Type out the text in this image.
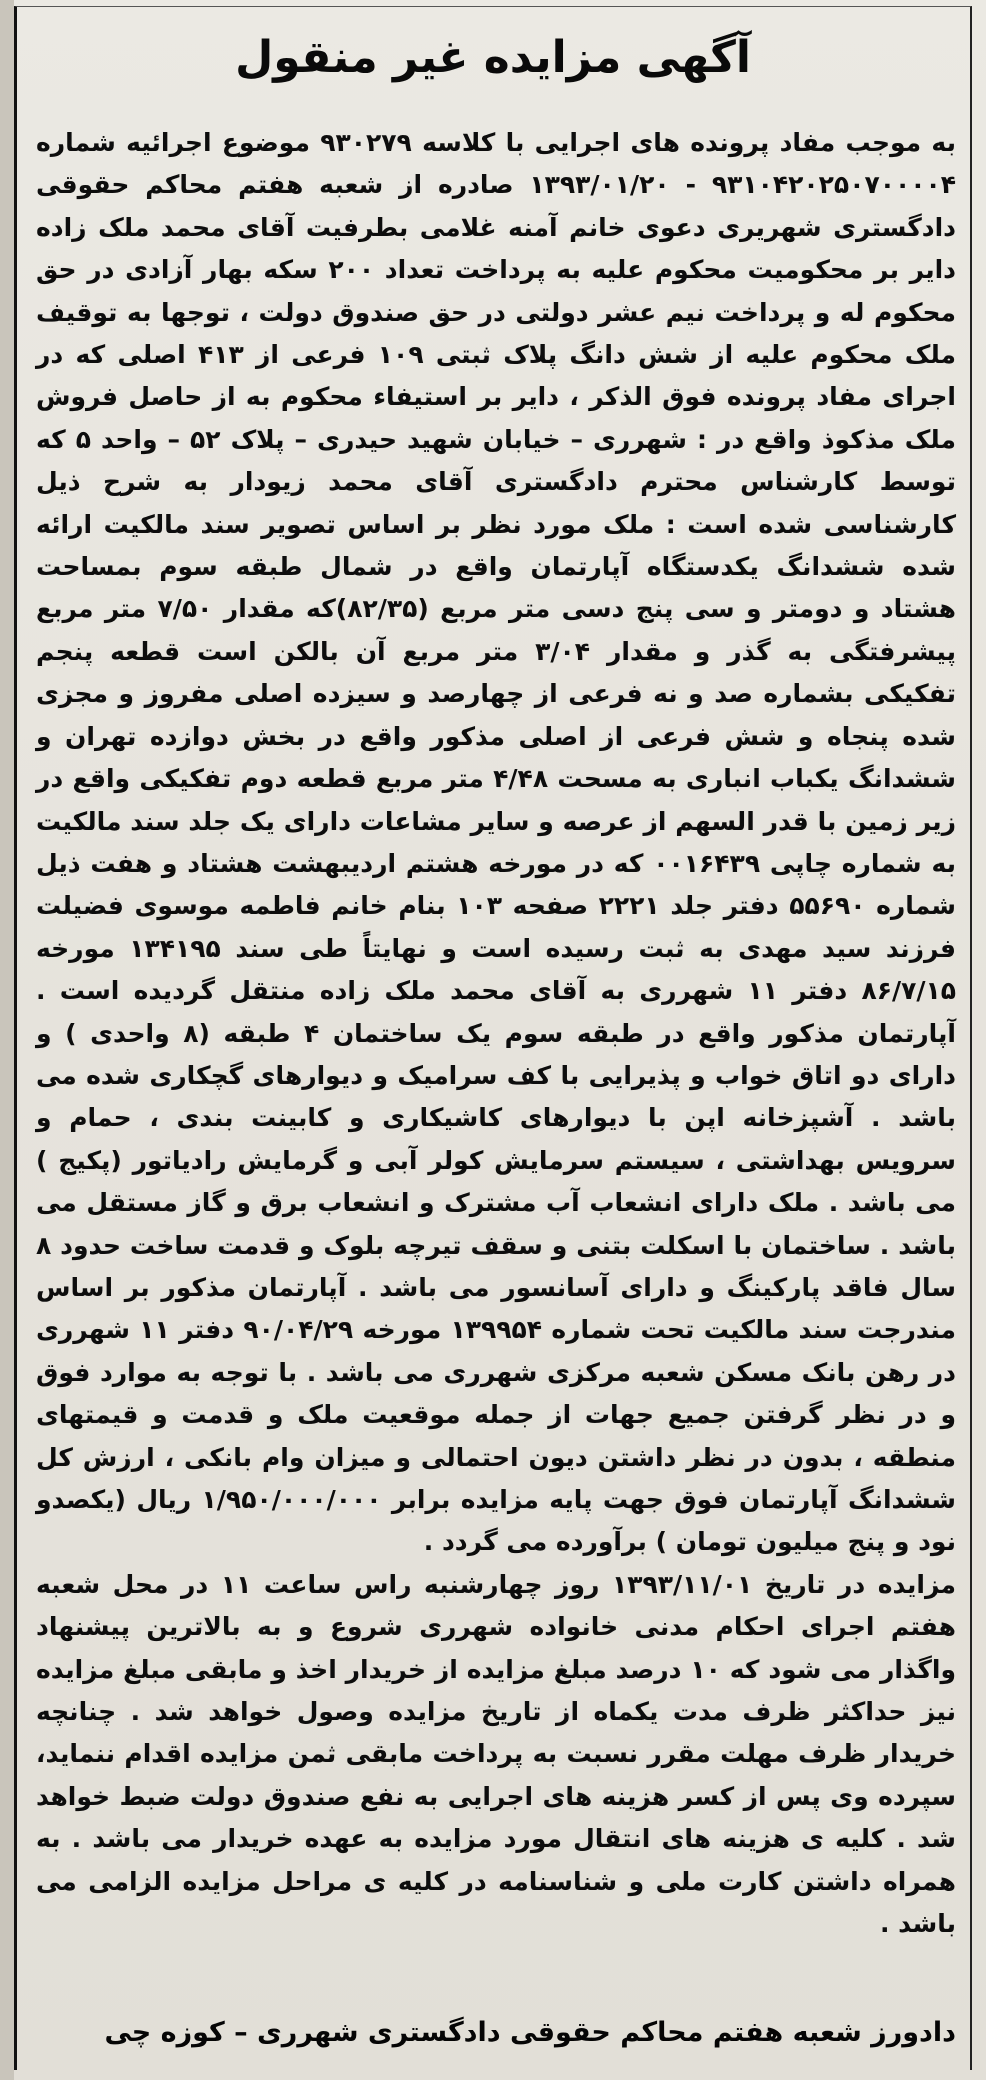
آگهی مزایده غیر منقول

به موجب مفاد پرونده های اجرایی با کلاسه ۹۳۰۲۷۹ موضوع اجرائیه شماره ۹۳۱۰۴۲۰۲۵۰۷۰۰۰۰۴ - ۱۳۹۳/۰۱/۲۰ صادره از شعبه هفتم محاکم حقوقی دادگستری شهریری دعوی خانم آمنه غلامی بطرفیت آقای محمد ملک زاده دایر بر محکومیت محکوم علیه به پرداخت تعداد ۲۰۰ سکه بهار آزادی در حق محکوم له و پرداخت نیم عشر دولتی در حق صندوق دولت ، توجها به توقیف ملک محکوم علیه از شش دانگ پلاک ثبتی ۱۰۹ فرعی از ۴۱۳ اصلی که در اجرای مفاد پرونده فوق الذکر ، دایر بر استیفاء محکوم به از حاصل فروش ملک مذکوذ واقع در : شهرری – خیابان شهید حیدری – پلاک ۵۲ – واحد ۵ که توسط کارشناس محترم دادگستری آقای محمد زیودار به شرح ذیل کارشناسی شده است : ملک مورد نظر بر اساس تصویر سند مالکیت ارائه شده ششدانگ یکدستگاه آپارتمان واقع در شمال طبقه سوم بمساحت هشتاد و دومتر و سی پنج دسی متر مربع (۸۲/۳۵)که مقدار ۷/۵۰ متر مربع پیشرفتگی به گذر و مقدار ۳/۰۴ متر مربع آن بالکن است قطعه پنجم تفکیکی بشماره صد و نه فرعی از چهارصد و سیزده اصلی مفروز و مجزی شده پنجاه و شش فرعی از اصلی مذکور واقع در بخش دوازده تهران و ششدانگ یکباب انباری به مسحت ۴/۴۸ متر مربع قطعه دوم تفکیکی واقع در زیر زمین با قدر السهم از عرصه و سایر مشاعات دارای یک جلد سند مالکیت به شماره چاپی ۰۰۱۶۴۳۹ که در مورخه هشتم اردیبهشت هشتاد و هفت ذیل شماره ۵۵۶۹۰ دفتر جلد ۲۲۲۱ صفحه ۱۰۳ بنام خانم فاطمه موسوی فضیلت فرزند سید مهدی به ثبت رسیده است و نهایتاً طی سند ۱۳۴۱۹۵ مورخه ۸۶/۷/۱۵ دفتر ۱۱ شهرری به آقای محمد ملک زاده منتقل گردیده است . آپارتمان مذکور واقع در طبقه سوم یک ساختمان ۴ طبقه (۸ واحدی ) و دارای دو اتاق خواب و پذیرایی با کف سرامیک و دیوارهای گچکاری شده می باشد . آشپزخانه اپن با دیوارهای کاشیکاری و کابینت بندی ، حمام و سرویس بهداشتی ، سیستم سرمایش کولر آبی و گرمایش رادیاتور (پکیج ) می باشد . ملک دارای انشعاب آب مشترک و انشعاب برق و گاز مستقل می باشد . ساختمان با اسکلت بتنی و سقف تیرچه بلوک و قدمت ساخت حدود ۸ سال فاقد پارکینگ و دارای آسانسور می باشد . آپارتمان مذکور بر اساس مندرجت سند مالکیت تحت شماره ۱۳۹۹۵۴ مورخه ۹۰/۰۴/۲۹ دفتر ۱۱ شهرری در رهن بانک مسکن شعبه مرکزی شهرری می باشد . با توجه به موارد فوق و در نظر گرفتن جمیع جهات از جمله موقعیت ملک و قدمت و قیمتهای منطقه ، بدون در نظر داشتن دیون احتمالی و میزان وام بانکی ، ارزش کل ششدانگ آپارتمان فوق جهت پایه مزایده برابر ۱/۹۵۰/۰۰۰/۰۰۰ ریال (یکصدو نود و پنج میلیون تومان ) برآورده می گردد .

مزایده در تاریخ ۱۳۹۳/۱۱/۰۱ روز چهارشنبه راس ساعت ۱۱ در محل شعبه هفتم اجرای احکام مدنی خانواده شهرری شروع و به بالاترین پیشنهاد واگذار می شود که ۱۰ درصد مبلغ مزایده از خریدار اخذ و مابقی مبلغ مزایده نیز حداکثر ظرف مدت یکماه از تاریخ مزایده وصول خواهد شد . چنانچه خریدار ظرف مهلت مقرر نسبت به پرداخت مابقی ثمن مزایده اقدام ننماید، سپرده وی پس از کسر هزینه های اجرایی به نفع صندوق دولت ضبط خواهد شد . کلیه ی هزینه های انتقال مورد مزایده به عهده خریدار می باشد . به همراه داشتن کارت ملی و شناسنامه در کلیه ی مراحل مزایده الزامی می باشد .

دادورز شعبه هفتم محاکم حقوقی دادگستری شهرری – کوزه چی
